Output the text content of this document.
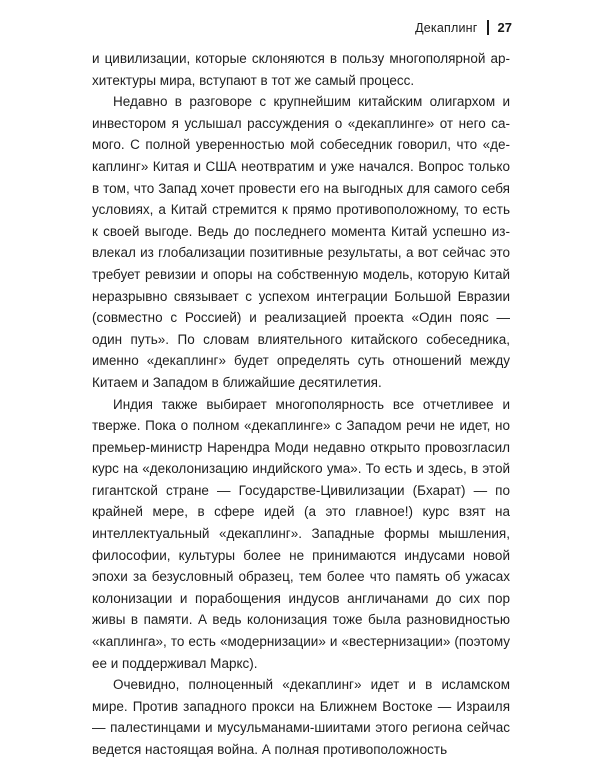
Декаплинг 27

и цивилизации, которые склоняются в пользу многополярной архитектуры мира, вступают в тот же самый процесс.

Недавно в разговоре с крупнейшим китайским олигархом и инвестором я услышал рассуждения о «декаплинге» от него самого. С полной уверенностью мой собеседник говорил, что «декаплинг» Китая и США неотвратим и уже начался. Вопрос только в том, что Запад хочет провести его на выгодных для самого себя условиях, а Китай стремится к прямо противоположному, то есть к своей выгоде. Ведь до последнего момента Китай успешно извлекал из глобализации позитивные результаты, а вот сейчас это требует ревизии и опоры на собственную модель, которую Китай неразрывно связывает с успехом интеграции Большой Евразии (совместно с Россией) и реализацией проекта «Один пояс — один путь». По словам влиятельного китайского собеседника, именно «декаплинг» будет определять суть отношений между Китаем и Западом в ближайшие десятилетия.

Индия также выбирает многополярность все отчетливее и тверже. Пока о полном «декаплинге» с Западом речи не идет, но премьер-министр Нарендра Моди недавно открыто провозгласил курс на «деколонизацию индийского ума». То есть и здесь, в этой гигантской стране — Государстве-Цивилизации (Бхарат) — по крайней мере, в сфере идей (а это главное!) курс взят на интеллектуальный «декаплинг». Западные формы мышления, философии, культуры более не принимаются индусами новой эпохи за безусловный образец, тем более что память об ужасах колонизации и порабощения индусов англичанами до сих пор живы в памяти. А ведь колонизация тоже была разновидностью «каплинга», то есть «модернизации» и «вестернизации» (поэтому ее и поддерживал Маркс).

Очевидно, полноценный «декаплинг» идет и в исламском мире. Против западного прокси на Ближнем Востоке — Израиля — палестинцами и мусульманами-шиитами этого региона сейчас ведется настоящая война. А полная противоположность
